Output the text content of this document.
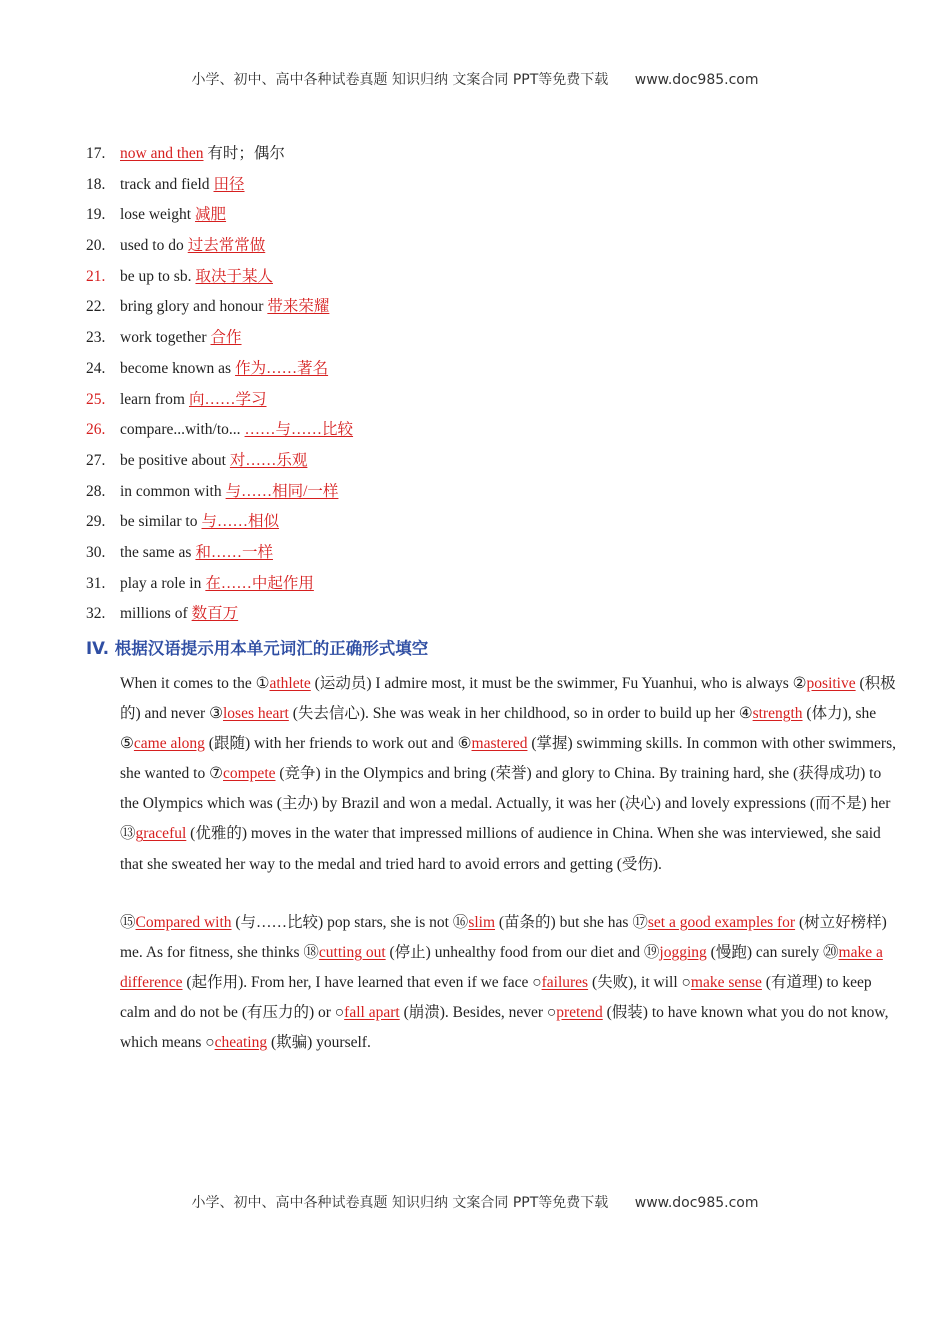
小学、初中、高中各种试卷真题 知识归纳 文案合同 PPT等免费下载 www.doc985.com
17. now and then 有时；偶尔
18. track and field 田径
19. lose weight 减肥
20. used to do 过去常常做
21. be up to sb. 取决于某人
22. bring glory and honour 带来荣耀
23. work together 合作
24. become known as 作为……著名
25. learn from 向……学习
26. compare...with/to... ……与……比较
27. be positive about 对……乐观
28. in common with 与……相同/一样
29. be similar to 与……相似
30. the same as 和……一样
31. play a role in 在……中起作用
32. millions of 数百万
IV. 根据汉语提示用本单元词汇的正确形式填空
When it comes to the ①athlete (运动员) I admire most, it must be the swimmer, Fu Yuanhui, who is always ②positive (积极的) and never ③loses heart (失去信心). She was weak in her childhood, so in order to build up her ④strength (体力), she ⑤came along (跟随) with her friends to work out and ⑥mastered (掌握) swimming skills. In common with other swimmers, she wanted to ⑦compete (竞争) in the Olympics and bring (荣誉) and glory to China. By training hard, she (获得成功) to the Olympics which was (主办) by Brazil and won a medal. Actually, it was her (决心) and lovely expressions (而不是) her ⑬graceful (优雅的) moves in the water that impressed millions of audience in China. When she was interviewed, she said that she sweated her way to the medal and tried hard to avoid errors and getting (受伤).
⑮Compared with (与……比较) pop stars, she is not ⑯slim (苗条的) but she has ⑰set a good examples for (树立好榜样) me. As for fitness, she thinks ⑱cutting out (停止) unhealthy food from our diet and ⑲jogging (慢跑) can surely ⑳make a difference (起作用). From her, I have learned that even if we face ○failures (失败), it will ○make sense (有道理) to keep calm and do not be (有压力的) or ○fall apart (崩溃). Besides, never ○pretend (假装) to have known what you do not know, which means ○cheating (欺骗) yourself.
小学、初中、高中各种试卷真题 知识归纳 文案合同 PPT等免费下载 www.doc985.com
